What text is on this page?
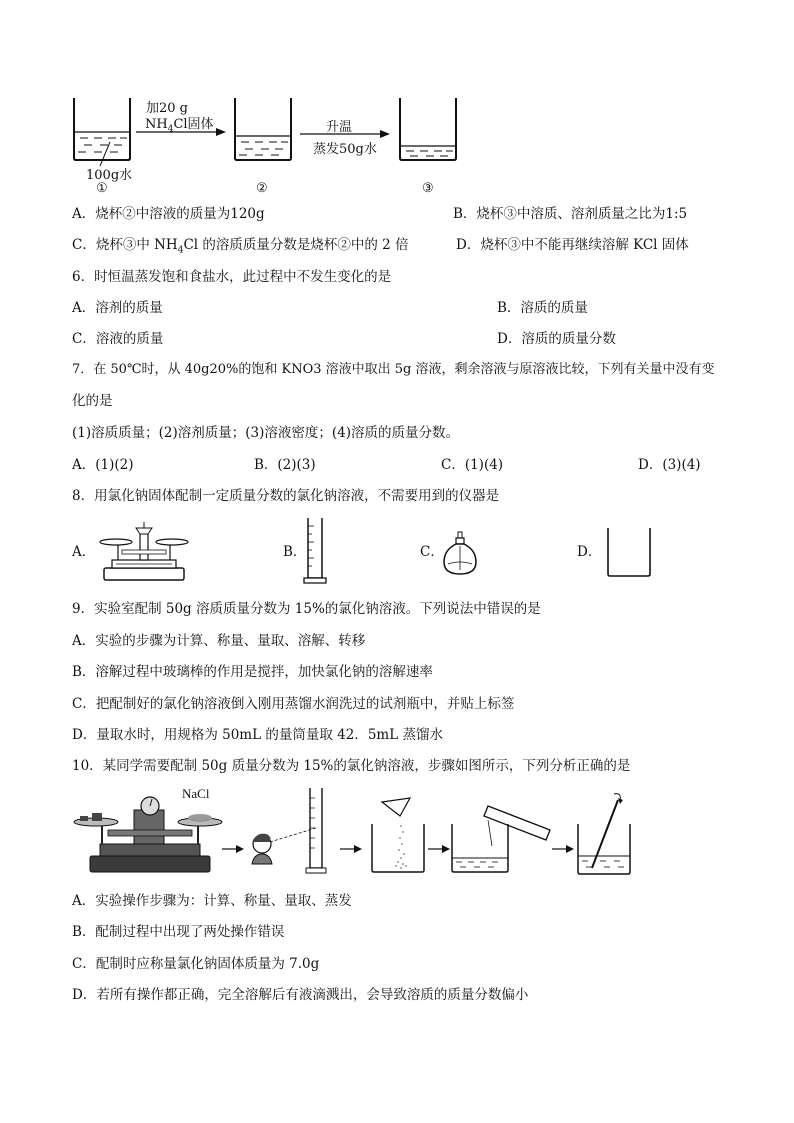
加20 g
$NH_4Cl$固体	升温
蒸发50g水
100g水
①	②	③
A．烧杯②中溶液的质量为120g	B．烧杯③中溶质、溶剂质量之比为1:5
C．烧杯③中 $NH_4Cl$ 的溶质质量分数是烧杯②中的 2 倍	D．烧杯③中不能再继续溶解 KCl 固体
6．时恒温蒸发饱和食盐水，此过程中不发生变化的是
A．溶剂的质量	B．溶质的质量
C．溶液的质量	D．溶质的质量分数
7．在 50℃时，从 40g20%的饱和 KNO3 溶液中取出 5g 溶液，剩余溶液与原溶液比较，下列有关量中没有变
化的是
(1)溶质质量；(2)溶剂质量；(3)溶液密度；(4)溶质的质量分数。
A．(1)(2)	B．(2)(3)	C．(1)(4)	D．(3)(4)
8．用氯化钠固体配制一定质量分数的氯化钠溶液，不需要用到的仪器是
A．	B．	C．	D．
9．实验室配制 50g 溶质质量分数为 15%的氯化钠溶液。下列说法中错误的是
A．实验的步骤为计算、称量、量取、溶解、转移
B．溶解过程中玻璃棒的作用是搅拌，加快氯化钠的溶解速率
C．把配制好的氯化钠溶液倒入刚用蒸馏水润洗过的试剂瓶中，并贴上标签
D．量取水时，用规格为 50mL 的量筒量取 42．5mL 蒸馏水
10．某同学需要配制 50g 质量分数为 15%的氯化钠溶液，步骤如图所示，下列分析正确的是
NaCl
A．实验操作步骤为：计算、称量、量取、蒸发
B．配制过程中出现了两处操作错误
C．配制时应称量氯化钠固体质量为 7.0g
D．若所有操作都正确，完全溶解后有液滴溅出，会导致溶质的质量分数偏小
